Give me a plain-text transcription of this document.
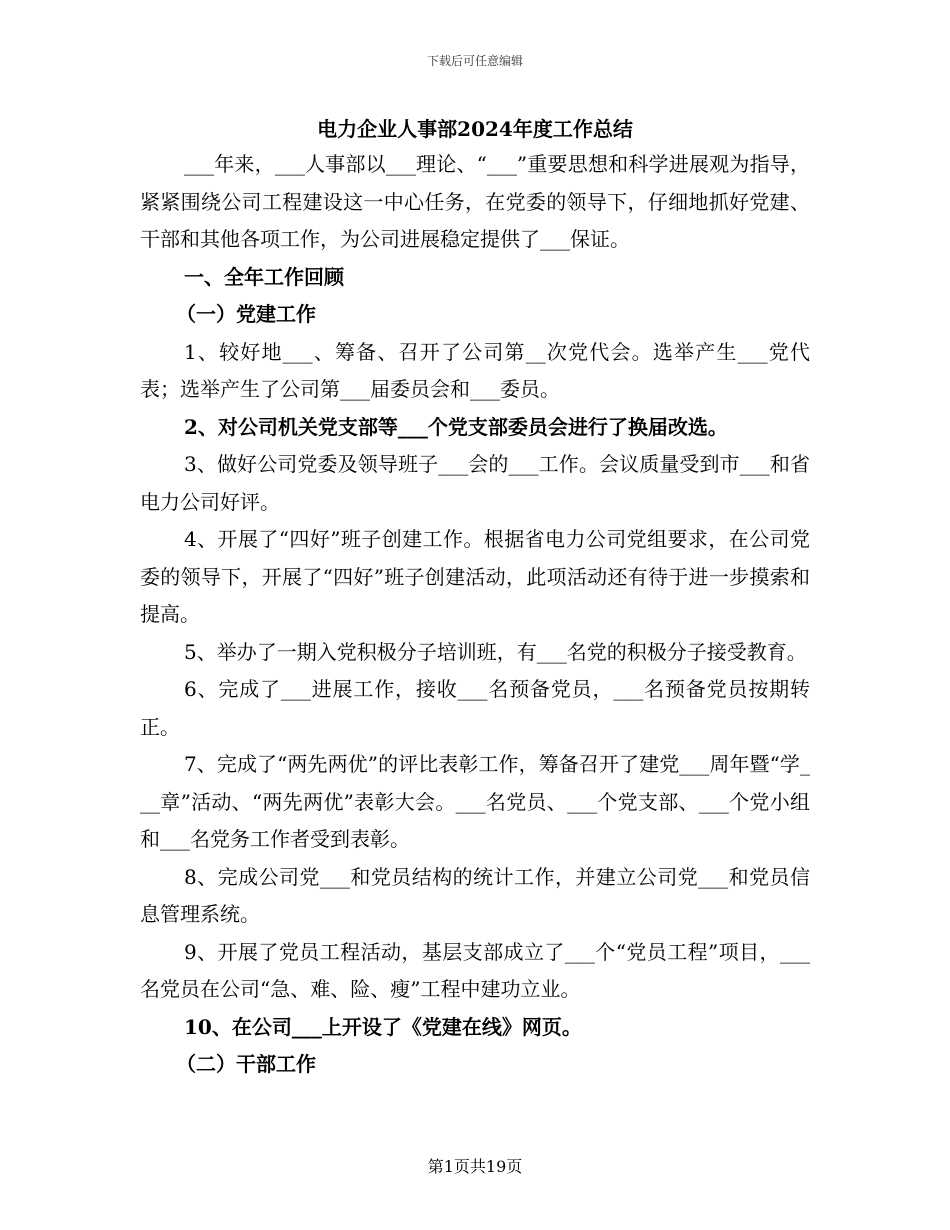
下载后可任意编辑
电力企业人事部2024年度工作总结

___年来，___人事部以___理论、“___”重要思想和科学进展观为指导，紧紧围绕公司工程建设这一中心任务，在党委的领导下，仔细地抓好党建、干部和其他各项工作，为公司进展稳定提供了___保证。

一、全年工作回顾

（一）党建工作

1、较好地___、筹备、召开了公司第__次党代会。选举产生___党代表；选举产生了公司第___届委员会和___委员。

2、对公司机关党支部等___个党支部委员会进行了换届改选。

3、做好公司党委及领导班子___会的___工作。会议质量受到市___和省电力公司好评。

4、开展了“四好”班子创建工作。根据省电力公司党组要求，在公司党委的领导下，开展了“四好”班子创建活动，此项活动还有待于进一步摸索和提高。

5、举办了一期入党积极分子培训班，有___名党的积极分子接受教育。

6、完成了___进展工作，接收___名预备党员，___名预备党员按期转正。

7、完成了“两先两优”的评比表彰工作，筹备召开了建党___周年暨“学___章”活动、“两先两优”表彰大会。___名党员、___个党支部、___个党小组和___名党务工作者受到表彰。

8、完成公司党___和党员结构的统计工作，并建立公司党___和党员信息管理系统。

9、开展了党员工程活动，基层支部成立了___个“党员工程”项目，___名党员在公司“急、难、险、瘦”工程中建功立业。

10、在公司___上开设了《党建在线》网页。

（二）干部工作

第1页共19页
